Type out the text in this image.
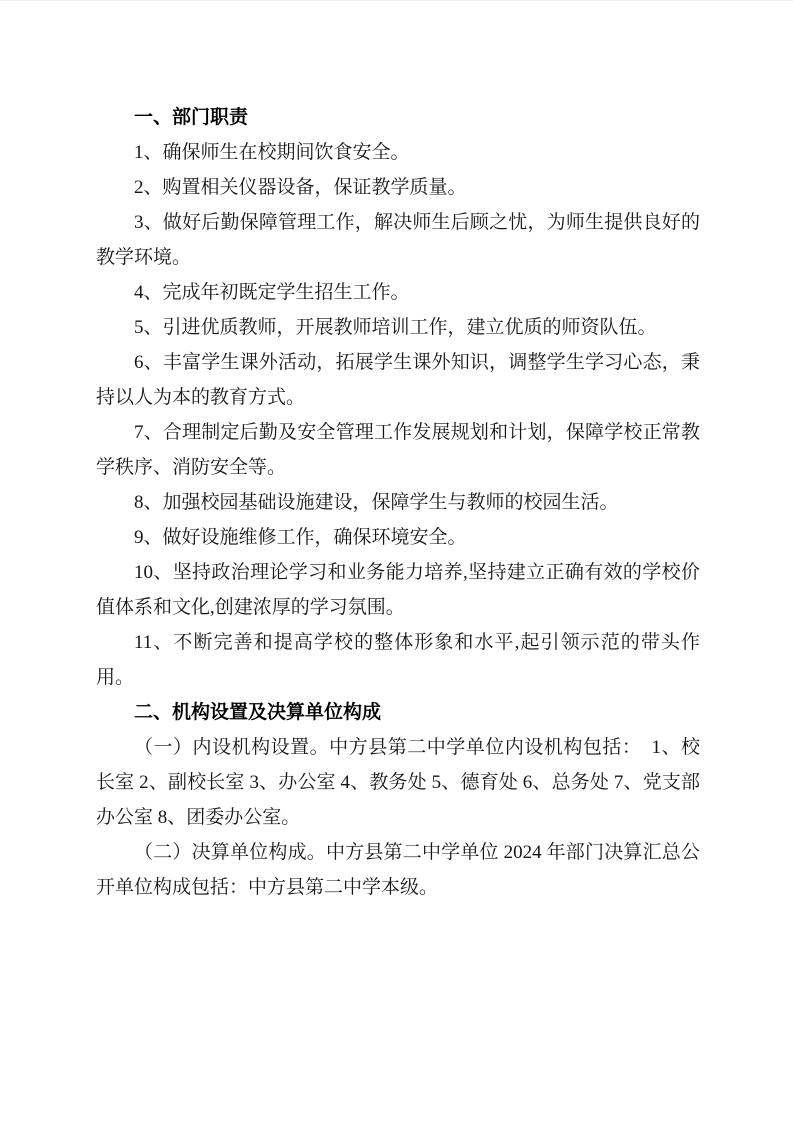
一、部门职责

1、确保师生在校期间饮食安全。

2、购置相关仪器设备，保证教学质量。

3、做好后勤保障管理工作，解决师生后顾之忧，为师生提供良好的教学环境。

4、完成年初既定学生招生工作。

5、引进优质教师，开展教师培训工作，建立优质的师资队伍。

6、丰富学生课外活动，拓展学生课外知识，调整学生学习心态，秉持以人为本的教育方式。

7、合理制定后勤及安全管理工作发展规划和计划，保障学校正常教学秩序、消防安全等。

8、加强校园基础设施建设，保障学生与教师的校园生活。

9、做好设施维修工作，确保环境安全。

10、坚持政治理论学习和业务能力培养,坚持建立正确有效的学校价值体系和文化,创建浓厚的学习氛围。

11、不断完善和提高学校的整体形象和水平,起引领示范的带头作用。

二、机构设置及决算单位构成

（一）内设机构设置。中方县第二中学单位内设机构包括：　1、校长室 2、副校长室 3、办公室 4、教务处 5、德育处 6、总务处 7、党支部办公室 8、团委办公室。

（二）决算单位构成。中方县第二中学单位 2024 年部门决算汇总公开单位构成包括：中方县第二中学本级。
